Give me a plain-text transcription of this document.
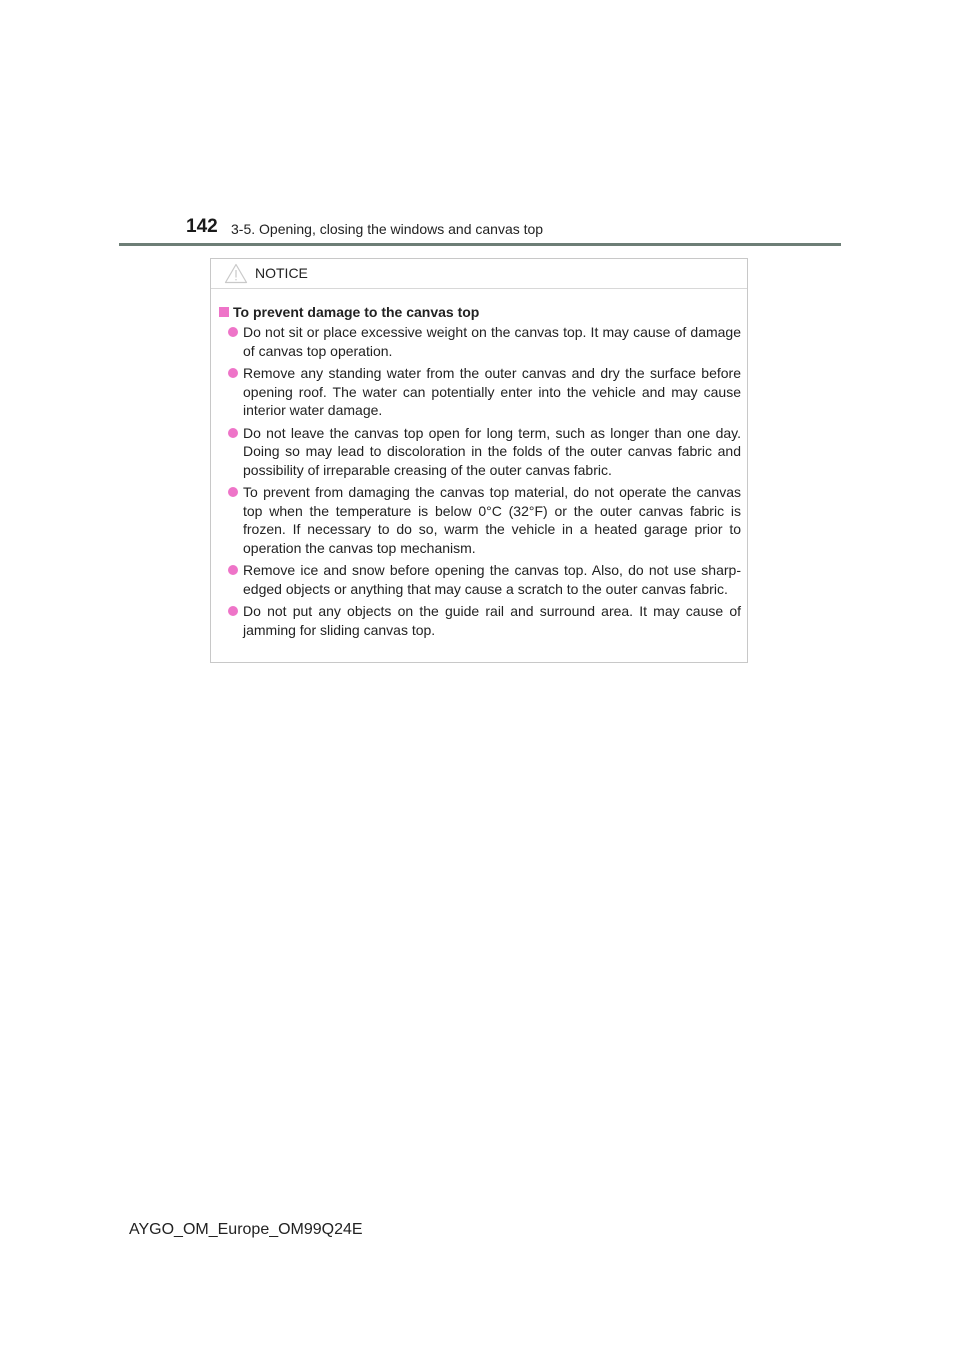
142 3-5. Opening, closing the windows and canvas top
NOTICE
To prevent damage to the canvas top
Do not sit or place excessive weight on the canvas top. It may cause of damage of canvas top operation.
Remove any standing water from the outer canvas and dry the surface before opening roof. The water can potentially enter into the vehicle and may cause interior water damage.
Do not leave the canvas top open for long term, such as longer than one day. Doing so may lead to discoloration in the folds of the outer canvas fabric and possibility of irreparable creasing of the outer canvas fabric.
To prevent from damaging the canvas top material, do not operate the canvas top when the temperature is below 0°C (32°F) or the outer canvas fabric is frozen. If necessary to do so, warm the vehicle in a heated garage prior to operation the canvas top mechanism.
Remove ice and snow before opening the canvas top. Also, do not use sharp-edged objects or anything that may cause a scratch to the outer canvas fabric.
Do not put any objects on the guide rail and surround area. It may cause of jamming for sliding canvas top.
AYGO_OM_Europe_OM99Q24E
